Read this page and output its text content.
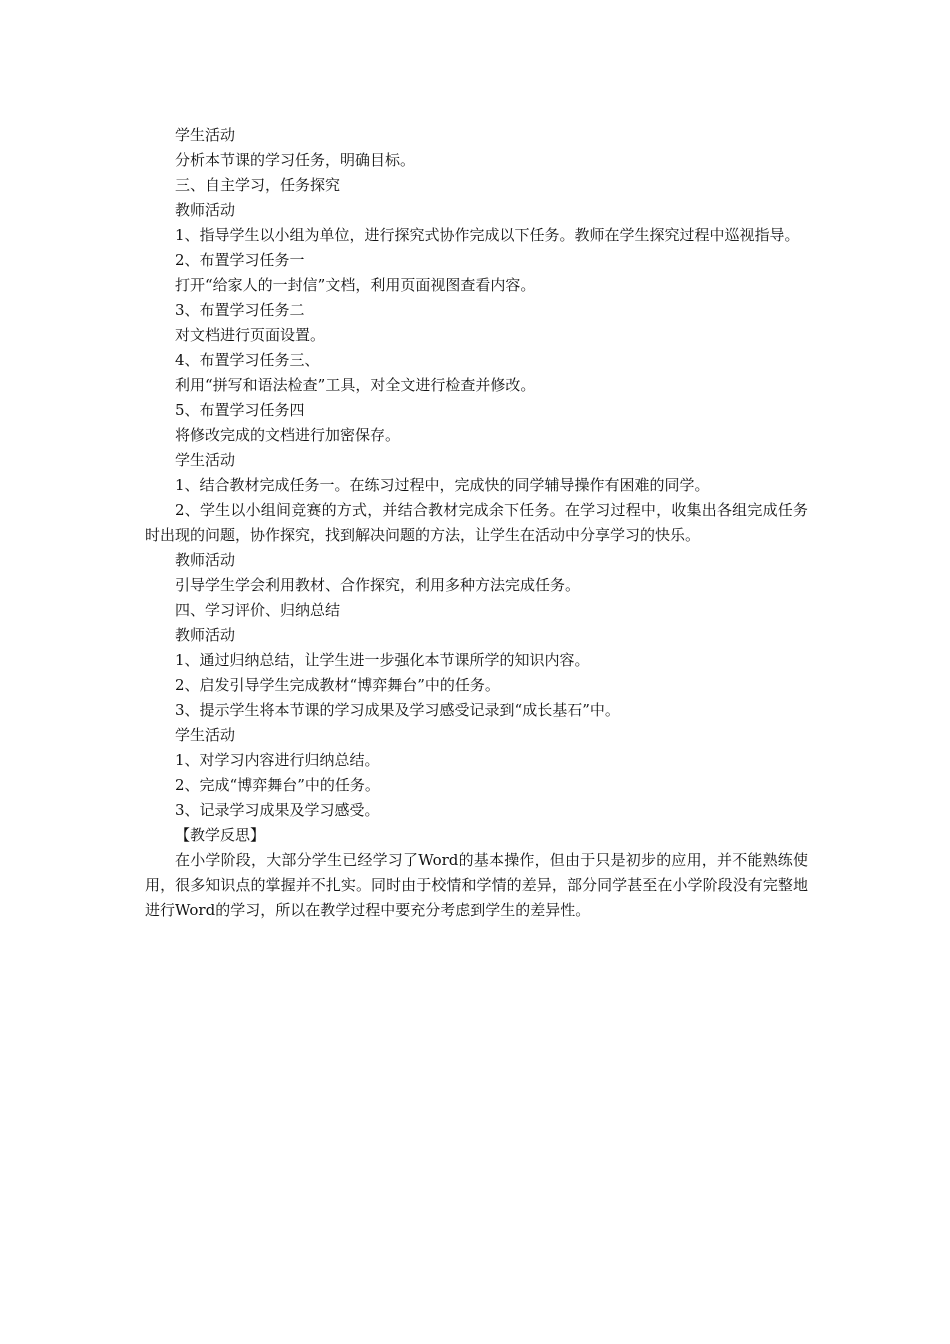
学生活动

分析本节课的学习任务，明确目标。

三、自主学习，任务探究

教师活动

1、指导学生以小组为单位，进行探究式协作完成以下任务。教师在学生探究过程中巡视指导。

2、布置学习任务一

打开“给家人的一封信”文档，利用页面视图查看内容。

3、布置学习任务二

对文档进行页面设置。

4、布置学习任务三、

利用“拼写和语法检查”工具，对全文进行检查并修改。

5、布置学习任务四

将修改完成的文档进行加密保存。

学生活动

1、结合教材完成任务一。在练习过程中，完成快的同学辅导操作有困难的同学。

2、学生以小组间竞赛的方式，并结合教材完成余下任务。在学习过程中，收集出各组完成任务时出现的问题，协作探究，找到解决问题的方法，让学生在活动中分享学习的快乐。

教师活动

引导学生学会利用教材、合作探究，利用多种方法完成任务。

四、学习评价、归纳总结

教师活动

1、通过归纳总结，让学生进一步强化本节课所学的知识内容。

2、启发引导学生完成教材“博弈舞台”中的任务。

3、提示学生将本节课的学习成果及学习感受记录到“成长基石”中。

学生活动

1、对学习内容进行归纳总结。

2、完成“博弈舞台”中的任务。

3、记录学习成果及学习感受。

【教学反思】

在小学阶段，大部分学生已经学习了Word的基本操作，但由于只是初步的应用，并不能熟练使用，很多知识点的掌握并不扎实。同时由于校情和学情的差异，部分同学甚至在小学阶段没有完整地进行Word的学习，所以在教学过程中要充分考虑到学生的差异性。
